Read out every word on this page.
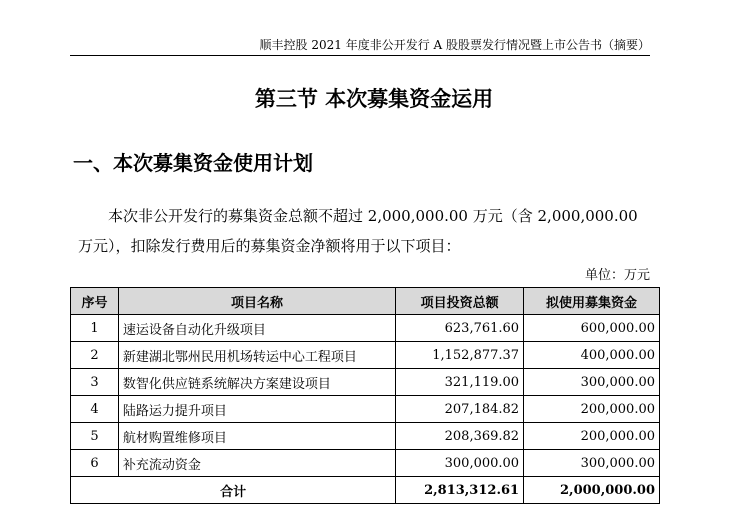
顺丰控股 2021 年度非公开发行 A 股股票发行情况暨上市公告书（摘要）
第三节 本次募集资金运用
一、本次募集资金使用计划
本次非公开发行的募集资金总额不超过 2,000,000.00 万元（含 2,000,000.00 万元），扣除发行费用后的募集资金净额将用于以下项目：
单位：万元
序号	项目名称	项目投资总额	拟使用募集资金
1	速运设备自动化升级项目	623,761.60	600,000.00
2	新建湖北鄂州民用机场转运中心工程项目	1,152,877.37	400,000.00
3	数智化供应链系统解决方案建设项目	321,119.00	300,000.00
4	陆路运力提升项目	207,184.82	200,000.00
5	航材购置维修项目	208,369.82	200,000.00
6	补充流动资金	300,000.00	300,000.00
合计		2,813,312.61	2,000,000.00
